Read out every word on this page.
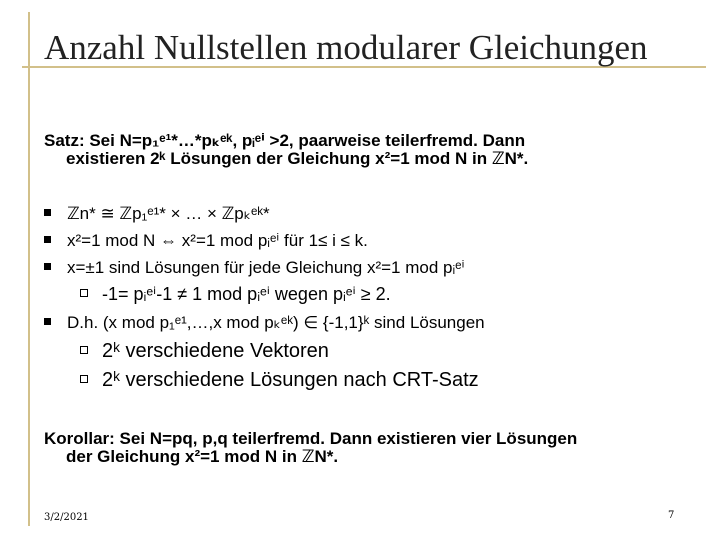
Anzahl Nullstellen modularer Gleichungen
Satz: Sei N=p₁ᵉ¹*…*pₖᵉᵏ, pᵢᵉⁱ >2, paarweise teilerfremd. Dann
existieren 2ᵏ Lösungen der Gleichung x²=1 mod N in ℤN*.
ℤn* ≅ ℤp₁ᵉ¹* × … × ℤpₖᵉᵏ*
x²=1 mod N ⇔ x²=1 mod pᵢᵉⁱ für 1≤ i ≤ k.
x=±1 sind Lösungen für jede Gleichung x²=1 mod pᵢᵉⁱ
-1= pᵢᵉⁱ-1 ≠ 1 mod pᵢᵉⁱ wegen pᵢᵉⁱ ≥ 2.
D.h. (x mod p₁ᵉ¹,…,x mod pₖᵉᵏ) ∈ {-1,1}ᵏ sind Lösungen
2ᵏ verschiedene Vektoren
2ᵏ verschiedene Lösungen nach CRT-Satz
Korollar: Sei N=pq, p,q teilerfremd. Dann existieren vier Lösungen
der Gleichung x²=1 mod N in ℤN*.
3/2/2021	7
